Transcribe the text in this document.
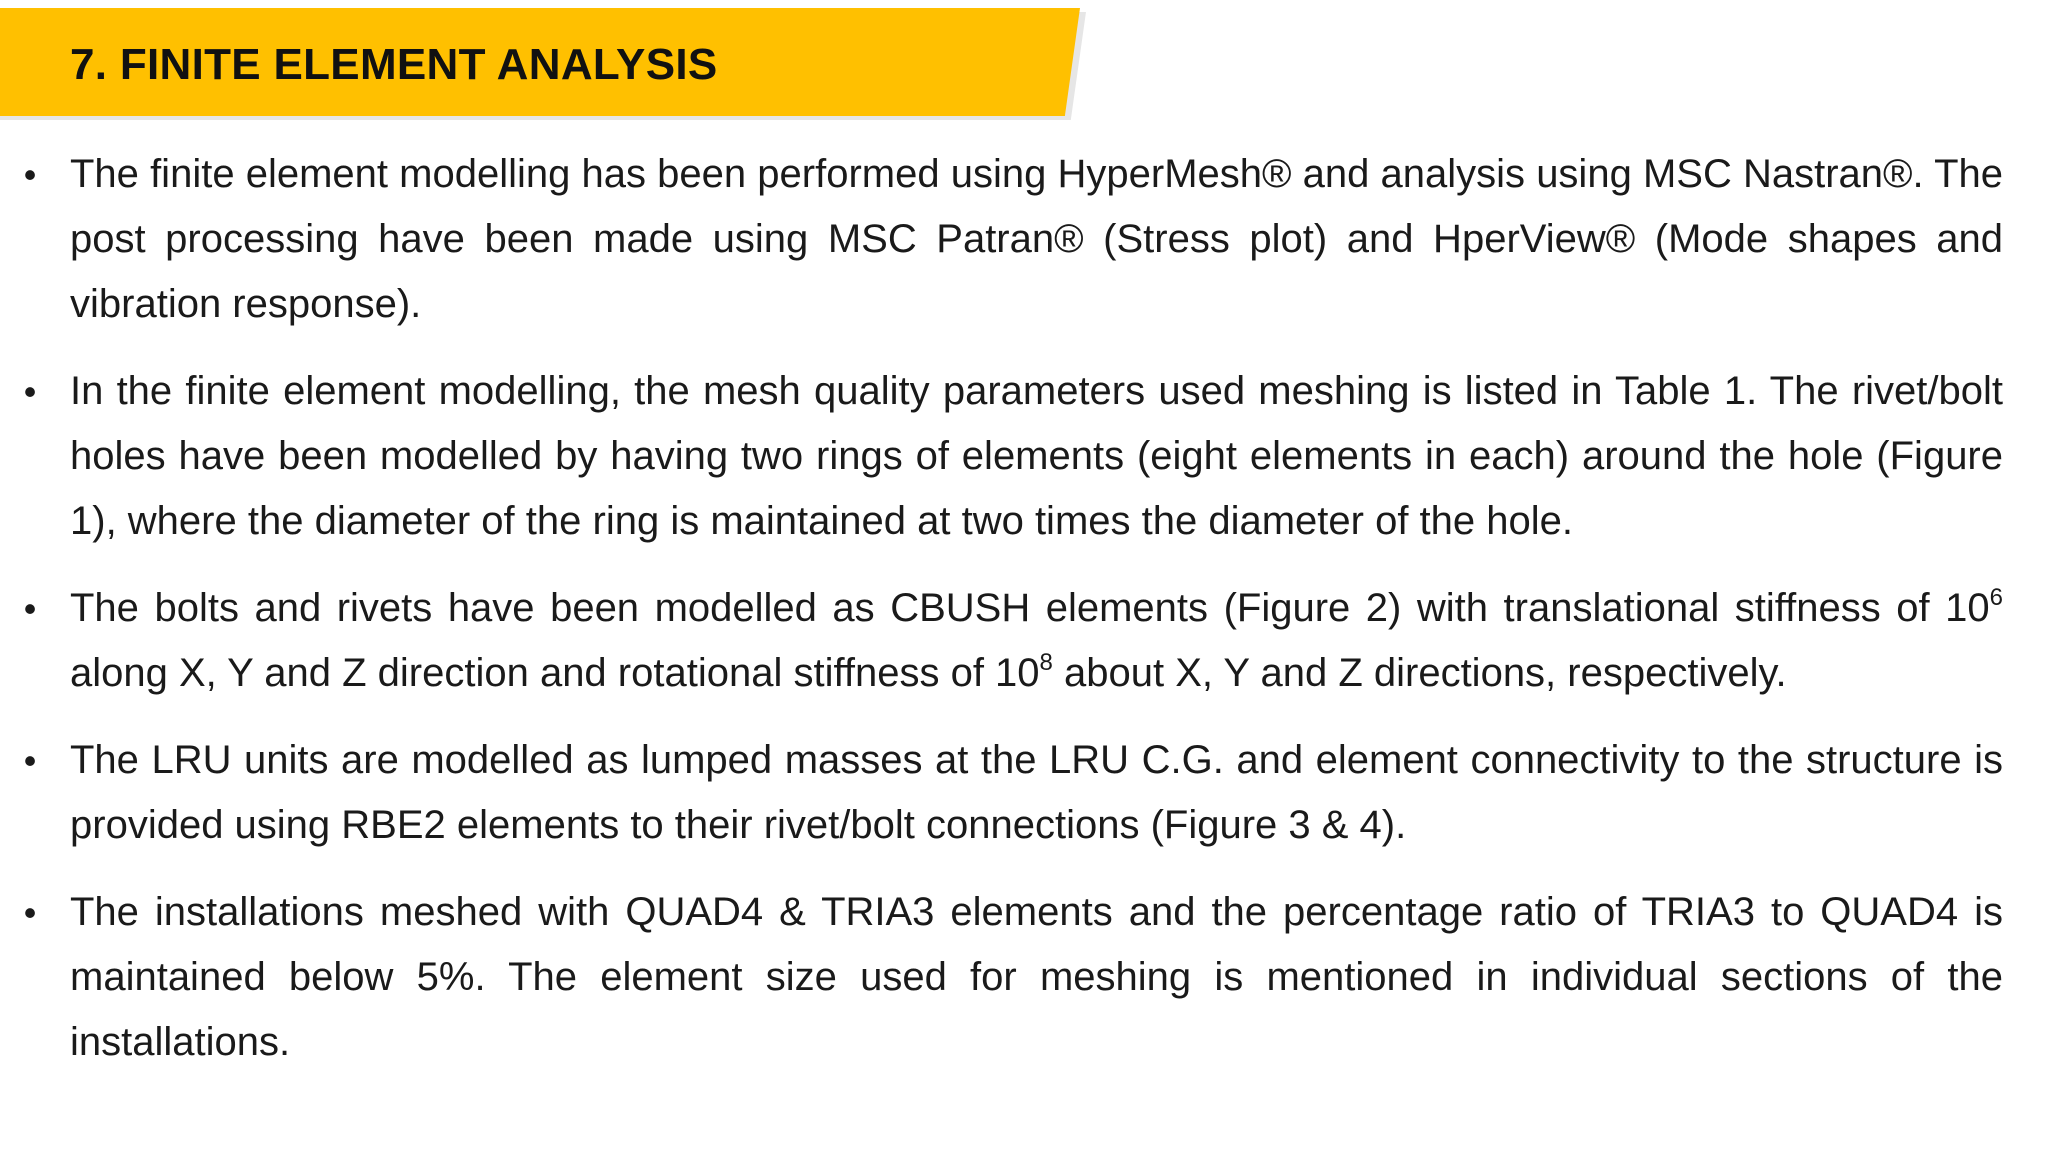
7. FINITE ELEMENT ANALYSIS
• The finite element modelling has been performed using HyperMesh® and analysis using MSC Nastran®. The post processing have been made using MSC Patran® (Stress plot) and HperView® (Mode shapes and vibration response).
• In the finite element modelling, the mesh quality parameters used meshing is listed in Table 1. The rivet/bolt holes have been modelled by having two rings of elements (eight elements in each) around the hole (Figure 1), where the diameter of the ring is maintained at two times the diameter of the hole.
• The bolts and rivets have been modelled as CBUSH elements (Figure 2) with translational stiffness of $10^6$ along X, Y and Z direction and rotational stiffness of $10^8$ about X, Y and Z directions, respectively.
• The LRU units are modelled as lumped masses at the LRU C.G. and element connectivity to the structure is provided using RBE2 elements to their rivet/bolt connections (Figure 3 & 4).
• The installations meshed with QUAD4 & TRIA3 elements and the percentage ratio of TRIA3 to QUAD4 is maintained below 5%. The element size used for meshing is mentioned in individual sections of the installations.
